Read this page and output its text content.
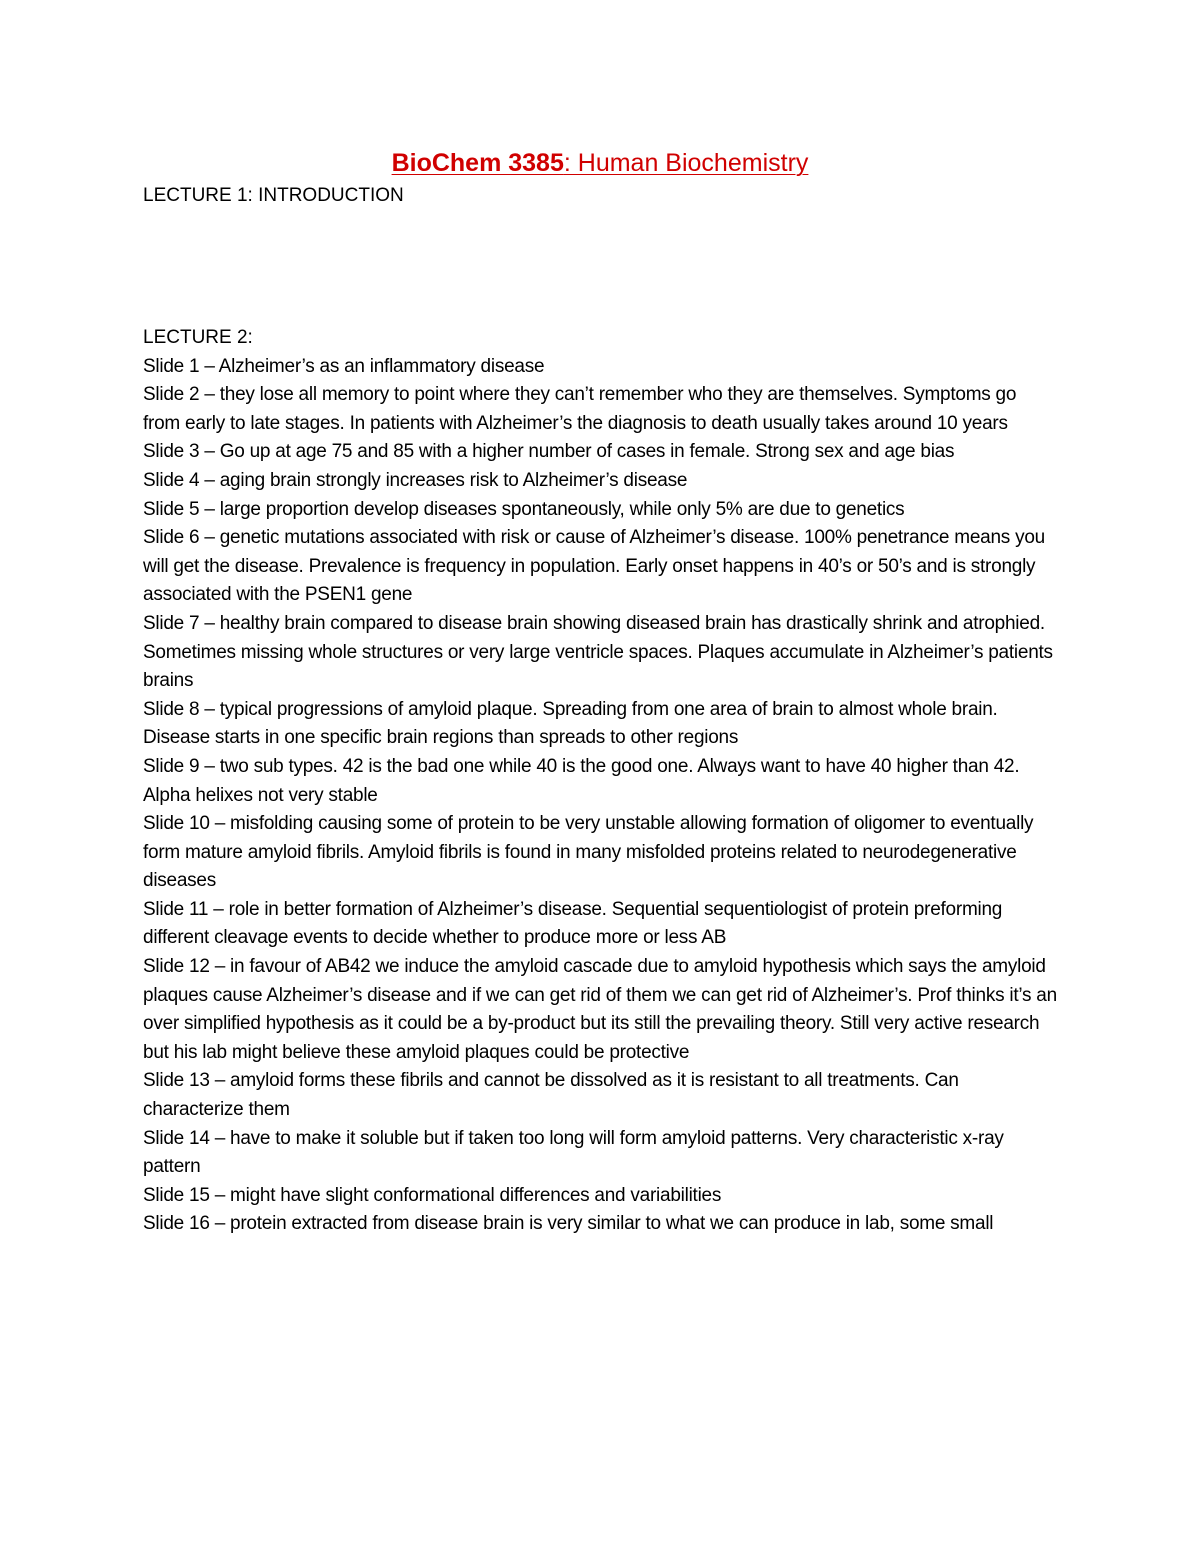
BioChem 3385: Human Biochemistry
LECTURE 1: INTRODUCTION
LECTURE 2:
Slide 1 – Alzheimer’s as an inflammatory disease
Slide 2 – they lose all memory to point where they can’t remember who they are themselves. Symptoms go from early to late stages. In patients with Alzheimer’s the diagnosis to death usually takes around 10 years
Slide 3 – Go up at age 75 and 85 with a higher number of cases in female. Strong sex and age bias
Slide 4 – aging brain strongly increases risk to Alzheimer’s disease
Slide 5 – large proportion develop diseases spontaneously, while only 5% are due to genetics
Slide 6 – genetic mutations associated with risk or cause of Alzheimer’s disease. 100% penetrance means you will get the disease. Prevalence is frequency in population. Early onset happens in 40’s or 50’s and is strongly associated with the PSEN1 gene
Slide 7 – healthy brain compared to disease brain showing diseased brain has drastically shrink and atrophied. Sometimes missing whole structures or very large ventricle spaces. Plaques accumulate in Alzheimer’s patients brains
Slide 8 – typical progressions of amyloid plaque. Spreading from one area of brain to almost whole brain. Disease starts in one specific brain regions than spreads to other regions
Slide 9 – two sub types. 42 is the bad one while 40 is the good one. Always want to have 40 higher than 42. Alpha helixes not very stable
Slide 10 – misfolding causing some of protein to be very unstable allowing formation of oligomer to eventually form mature amyloid fibrils. Amyloid fibrils is found in many misfolded proteins related to neurodegenerative diseases
Slide 11 – role in better formation of Alzheimer’s disease. Sequential sequentiologist of protein preforming different cleavage events to decide whether to produce more or less AB
Slide 12 – in favour of AB42 we induce the amyloid cascade due to amyloid hypothesis which says the amyloid plaques cause Alzheimer’s disease and if we can get rid of them we can get rid of Alzheimer’s. Prof thinks it’s an over simplified hypothesis as it could be a by-product but its still the prevailing theory. Still very active research but his lab might believe these amyloid plaques could be protective
Slide 13 – amyloid forms these fibrils and cannot be dissolved as it is resistant to all treatments. Can characterize them
Slide 14 – have to make it soluble but if taken too long will form amyloid patterns. Very characteristic x-ray pattern
Slide 15 – might have slight conformational differences and variabilities
Slide 16 – protein extracted from disease brain is very similar to what we can produce in lab, some small
